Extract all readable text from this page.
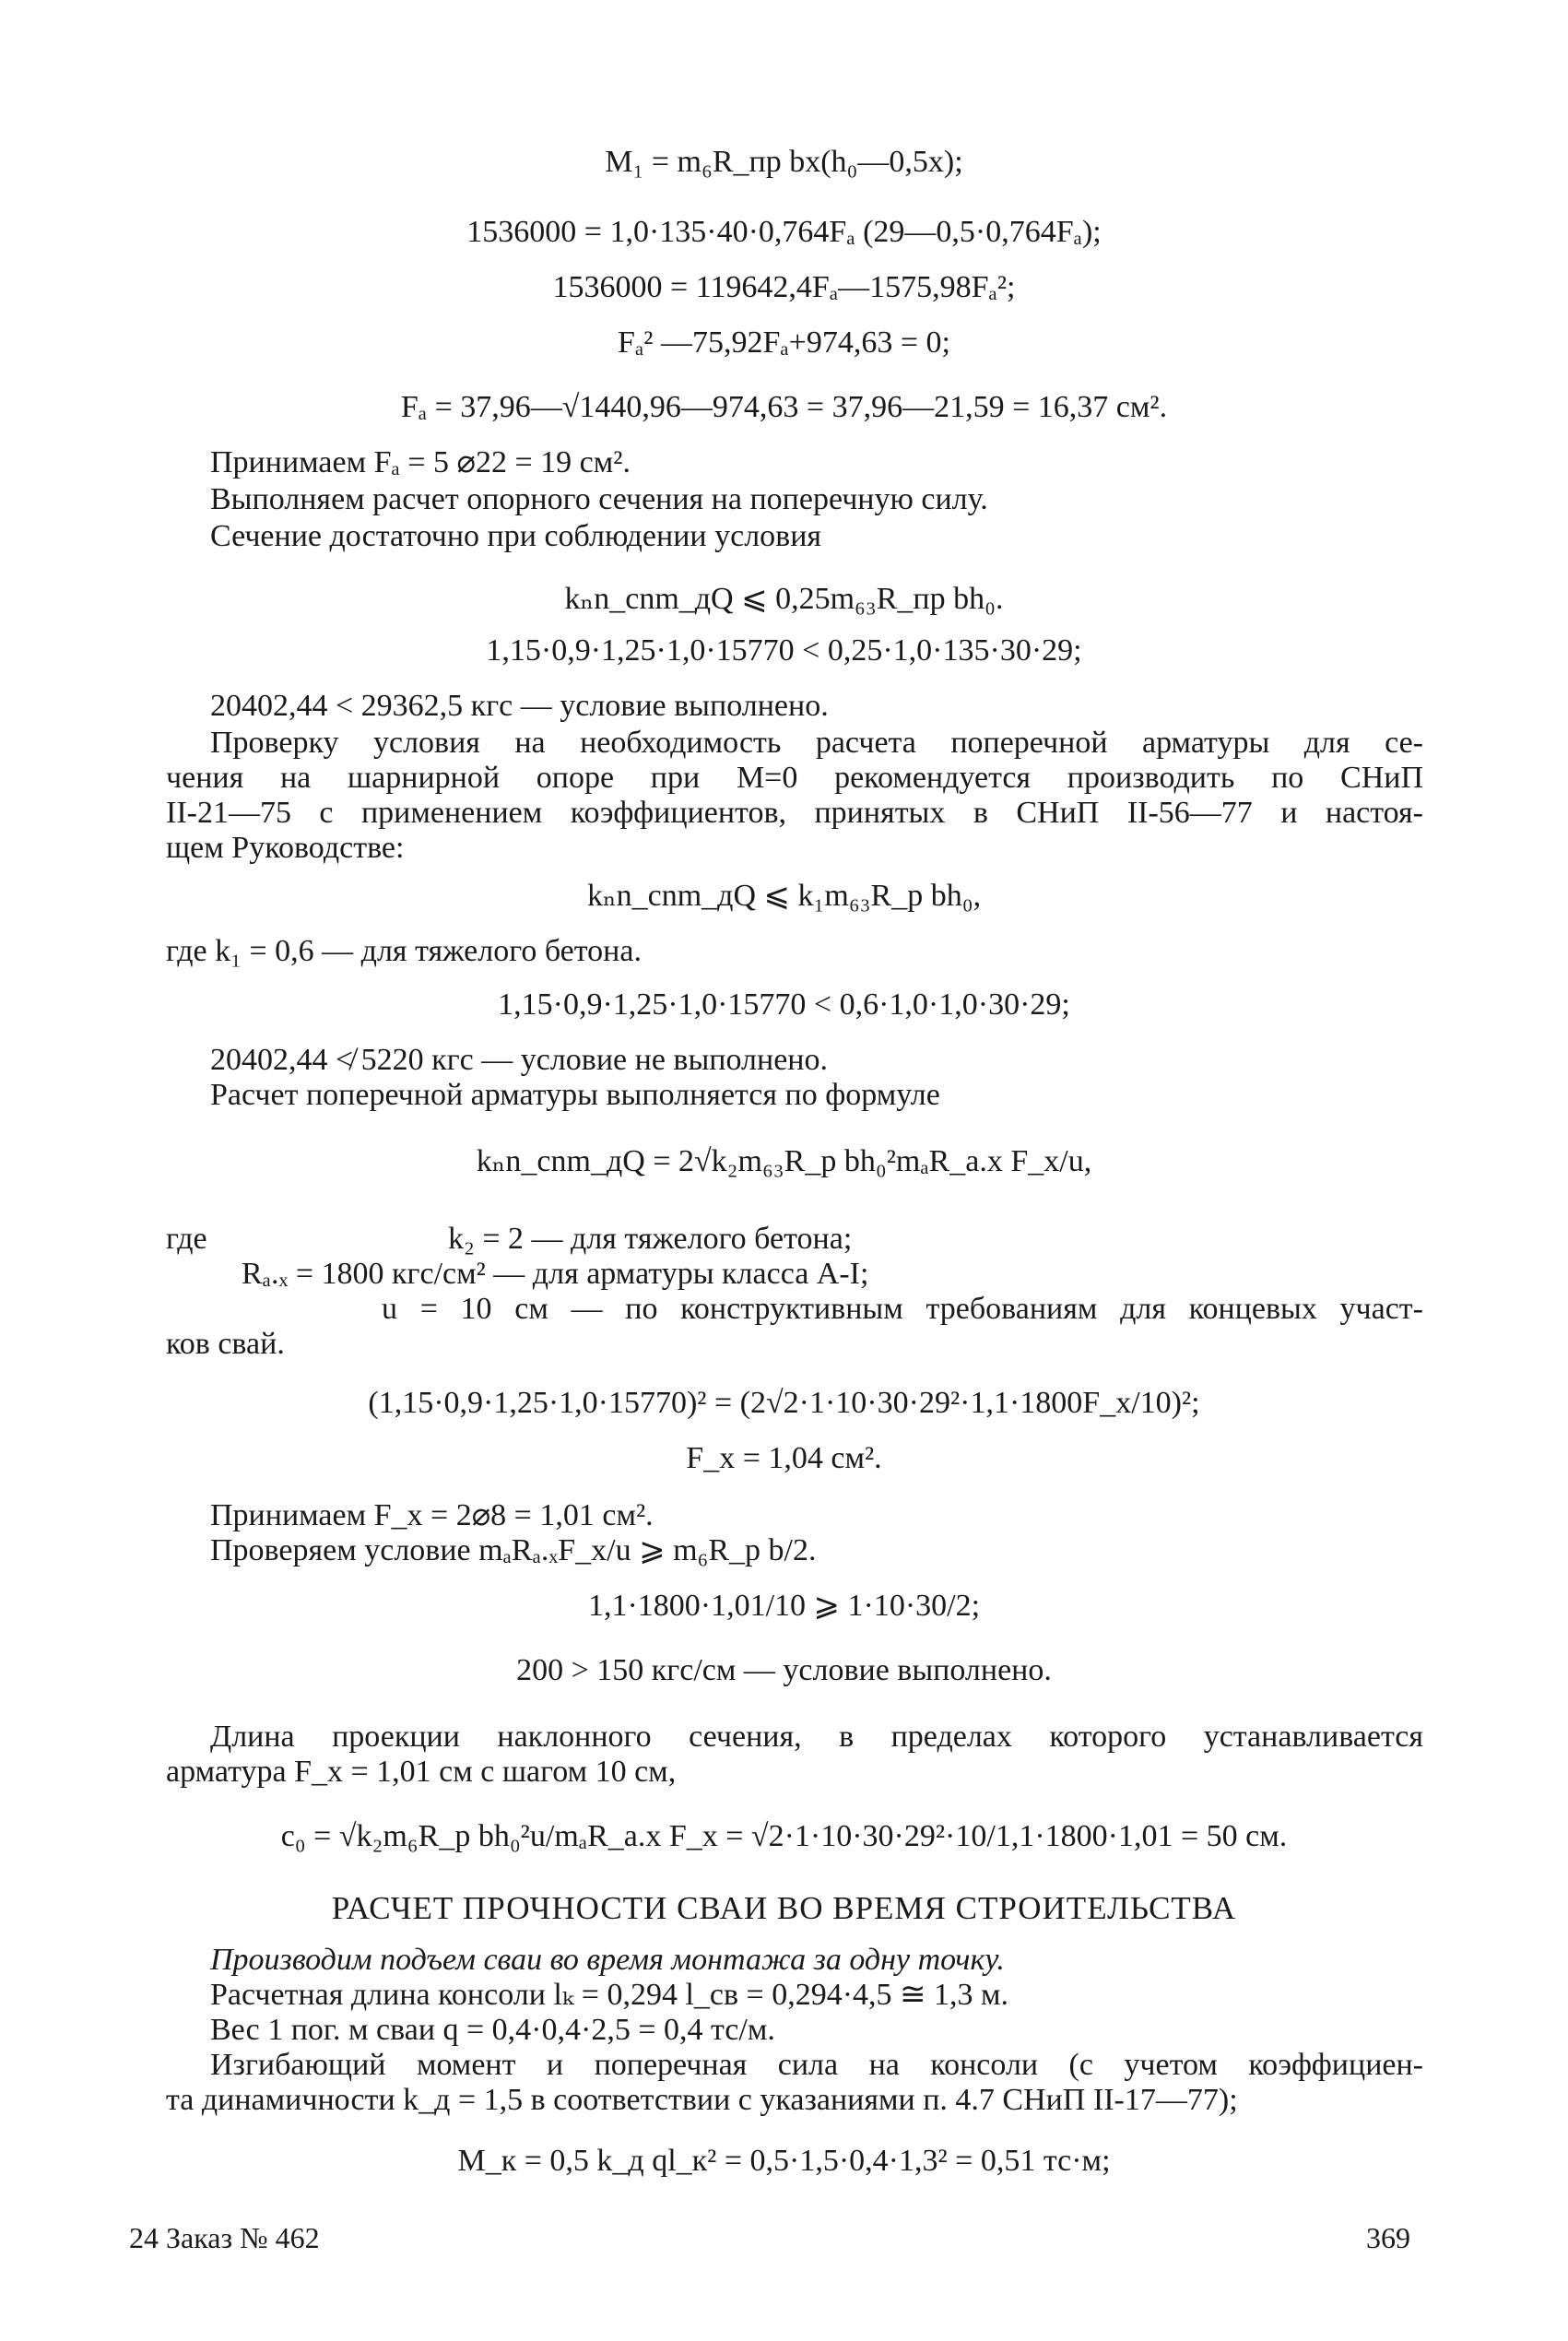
M₁ = m₆R_пр bx(h₀—0,5x);
1536000 = 1,0·135·40·0,764Fₐ (29—0,5·0,764Fₐ);
1536000 = 119642,4Fₐ—1575,98Fₐ²;
Fₐ² —75,92Fₐ+974,63 = 0;
Fₐ = 37,96—√1440,96—974,63 = 37,96—21,59 = 16,37 см².
Принимаем Fₐ = 5 ⌀22 = 19 см².
Выполняем расчет опорного сечения на поперечную силу.
Сечение достаточно при соблюдении условия
kₙn_cnm_дQ ⩽ 0,25m₆₃R_пр bh₀.
1,15·0,9·1,25·1,0·15770 < 0,25·1,0·135·30·29;
20402,44 < 29362,5 кгс — условие выполнено.
Проверку условия на необходимость расчета поперечной арматуры для се-
чения на шарнирной опоре при M=0 рекомендуется производить по СНиП
II-21—75 с применением коэффициентов, принятых в СНиП II-56—77 и настоя-
щем Руководстве:
kₙn_cnm_дQ ⩽ k₁m₆₃R_р bh₀,
где k₁ = 0,6 — для тяжелого бетона.
1,15·0,9·1,25·1,0·15770 < 0,6·1,0·1,0·30·29;
20402,44 ≮ 5220 кгс — условие не выполнено.
Расчет поперечной арматуры выполняется по формуле
kₙn_cnm_дQ = 2√k₂m₆₃R_р bh₀²mₐR_а.х F_х/u,
где	k₂ = 2 — для тяжелого бетона;
Rₐ.ₓ = 1800 кгс/см² — для арматуры класса A-I;
u = 10 см — по конструктивным требованиям для концевых участ-
ков свай.
(1,15·0,9·1,25·1,0·15770)² = (2√2·1·10·30·29²·1,1·1800F_х/10)²;
F_х = 1,04 см².
Принимаем F_х = 2⌀8 = 1,01 см².
Проверяем условие mₐRₐ.ₓF_х/u ⩾ m₆R_р b/2.
1,1·1800·1,01/10 ⩾ 1·10·30/2;
200 > 150 кгс/см — условие выполнено.
Длина проекции наклонного сечения, в пределах которого устанавливается
арматура F_х = 1,01 см с шагом 10 см,
c₀ = √k₂m₆R_р bh₀²u/mₐR_а.х F_х = √2·1·10·30·29²·10/1,1·1800·1,01 = 50 см.
РАСЧЕТ ПРОЧНОСТИ СВАИ ВО ВРЕМЯ СТРОИТЕЛЬСТВА
Производим подъем сваи во время монтажа за одну точку.
Расчетная длина консоли lₖ = 0,294 l_св = 0,294·4,5 ≅ 1,3 м.
Вес 1 пог. м сваи q = 0,4·0,4·2,5 = 0,4 тс/м.
Изгибающий момент и поперечная сила на консоли (с учетом коэффициен-
та динамичности k_д = 1,5 в соответствии с указаниями п. 4.7 СНиП II-17—77);
M_к = 0,5 k_д ql_к² = 0,5·1,5·0,4·1,3² = 0,51 тс·м;
24 Заказ № 462	369
